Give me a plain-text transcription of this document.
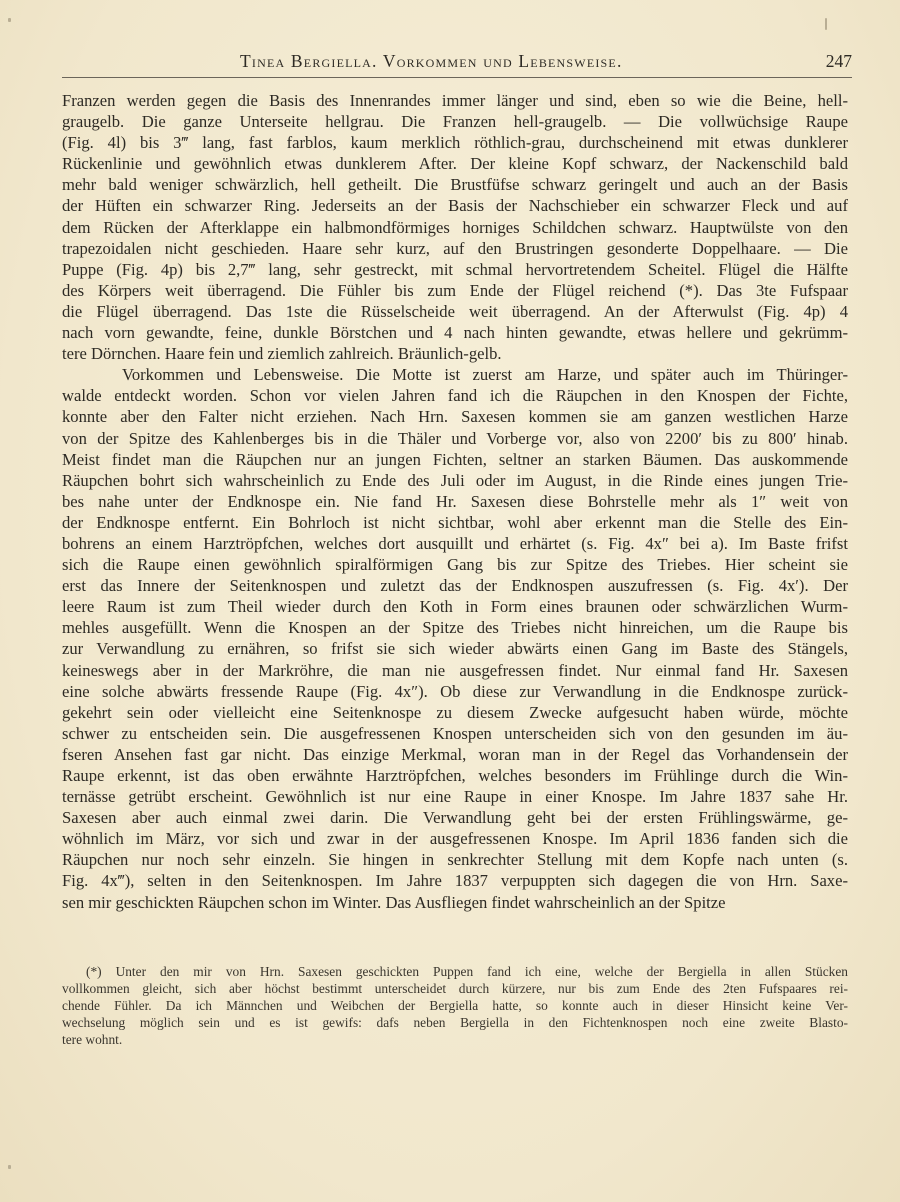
Tinea Bergiella. Vorkommen und Lebensweise.	247
Franzen werden gegen die Basis des Innenrandes immer länger und sind, eben so wie die Beine, hell-
graugelb. Die ganze Unterseite hellgrau. Die Franzen hell-graugelb. — Die vollwüchsige Raupe
(Fig. 4l) bis 3‴ lang, fast farblos, kaum merklich röthlich-grau, durchscheinend mit etwas dunklerer
Rückenlinie und gewöhnlich etwas dunklerem After. Der kleine Kopf schwarz, der Nackenschild bald
mehr bald weniger schwärzlich, hell getheilt. Die Brustfüfse schwarz geringelt und auch an der Basis
der Hüften ein schwarzer Ring. Jederseits an der Basis der Nachschieber ein schwarzer Fleck und auf
dem Rücken der Afterklappe ein halbmondförmiges horniges Schildchen schwarz. Hauptwülste von den
trapezoidalen nicht geschieden. Haare sehr kurz, auf den Brustringen gesonderte Doppelhaare. — Die
Puppe (Fig. 4p) bis 2,7‴ lang, sehr gestreckt, mit schmal hervortretendem Scheitel. Flügel die Hälfte
des Körpers weit überragend. Die Fühler bis zum Ende der Flügel reichend (*). Das 3te Fufspaar
die Flügel überragend. Das 1ste die Rüsselscheide weit überragend. An der Afterwulst (Fig. 4p) 4
nach vorn gewandte, feine, dunkle Börstchen und 4 nach hinten gewandte, etwas hellere und gekrümm-
tere Dörnchen. Haare fein und ziemlich zahlreich. Bräunlich-gelb.
Vorkommen und Lebensweise. Die Motte ist zuerst am Harze, und später auch im Thüringer-
walde entdeckt worden. Schon vor vielen Jahren fand ich die Räupchen in den Knospen der Fichte,
konnte aber den Falter nicht erziehen. Nach Hrn. Saxesen kommen sie am ganzen westlichen Harze
von der Spitze des Kahlenberges bis in die Thäler und Vorberge vor, also von 2200′ bis zu 800′ hinab.
Meist findet man die Räupchen nur an jungen Fichten, seltner an starken Bäumen. Das auskommende
Räupchen bohrt sich wahrscheinlich zu Ende des Juli oder im August, in die Rinde eines jungen Trie-
bes nahe unter der Endknospe ein. Nie fand Hr. Saxesen diese Bohrstelle mehr als 1″ weit von
der Endknospe entfernt. Ein Bohrloch ist nicht sichtbar, wohl aber erkennt man die Stelle des Ein-
bohrens an einem Harztröpfchen, welches dort ausquillt und erhärtet (s. Fig. 4x″ bei a). Im Baste frifst
sich die Raupe einen gewöhnlich spiralförmigen Gang bis zur Spitze des Triebes. Hier scheint sie
erst das Innere der Seitenknospen und zuletzt das der Endknospen auszufressen (s. Fig. 4x′). Der
leere Raum ist zum Theil wieder durch den Koth in Form eines braunen oder schwärzlichen Wurm-
mehles ausgefüllt. Wenn die Knospen an der Spitze des Triebes nicht hinreichen, um die Raupe bis
zur Verwandlung zu ernähren, so frifst sie sich wieder abwärts einen Gang im Baste des Stängels,
keineswegs aber in der Markröhre, die man nie ausgefressen findet. Nur einmal fand Hr. Saxesen
eine solche abwärts fressende Raupe (Fig. 4x″). Ob diese zur Verwandlung in die Endknospe zurück-
gekehrt sein oder vielleicht eine Seitenknospe zu diesem Zwecke aufgesucht haben würde, möchte
schwer zu entscheiden sein. Die ausgefressenen Knospen unterscheiden sich von den gesunden im äu-
fseren Ansehen fast gar nicht. Das einzige Merkmal, woran man in der Regel das Vorhandensein der
Raupe erkennt, ist das oben erwähnte Harztröpfchen, welches besonders im Frühlinge durch die Win-
ternässe getrübt erscheint. Gewöhnlich ist nur eine Raupe in einer Knospe. Im Jahre 1837 sahe Hr.
Saxesen aber auch einmal zwei darin. Die Verwandlung geht bei der ersten Frühlingswärme, ge-
wöhnlich im März, vor sich und zwar in der ausgefressenen Knospe. Im April 1836 fanden sich die
Räupchen nur noch sehr einzeln. Sie hingen in senkrechter Stellung mit dem Kopfe nach unten (s.
Fig. 4x‴), selten in den Seitenknospen. Im Jahre 1837 verpuppten sich dagegen die von Hrn. Saxe-
sen mir geschickten Räupchen schon im Winter. Das Ausfliegen findet wahrscheinlich an der Spitze
(*) Unter den mir von Hrn. Saxesen geschickten Puppen fand ich eine, welche der Bergiella in allen Stücken
vollkommen gleicht, sich aber höchst bestimmt unterscheidet durch kürzere, nur bis zum Ende des 2ten Fufspaares rei-
chende Fühler. Da ich Männchen und Weibchen der Bergiella hatte, so konnte auch in dieser Hinsicht keine Ver-
wechselung möglich sein und es ist gewifs: dafs neben Bergiella in den Fichtenknospen noch eine zweite Blasto-
tere wohnt.
